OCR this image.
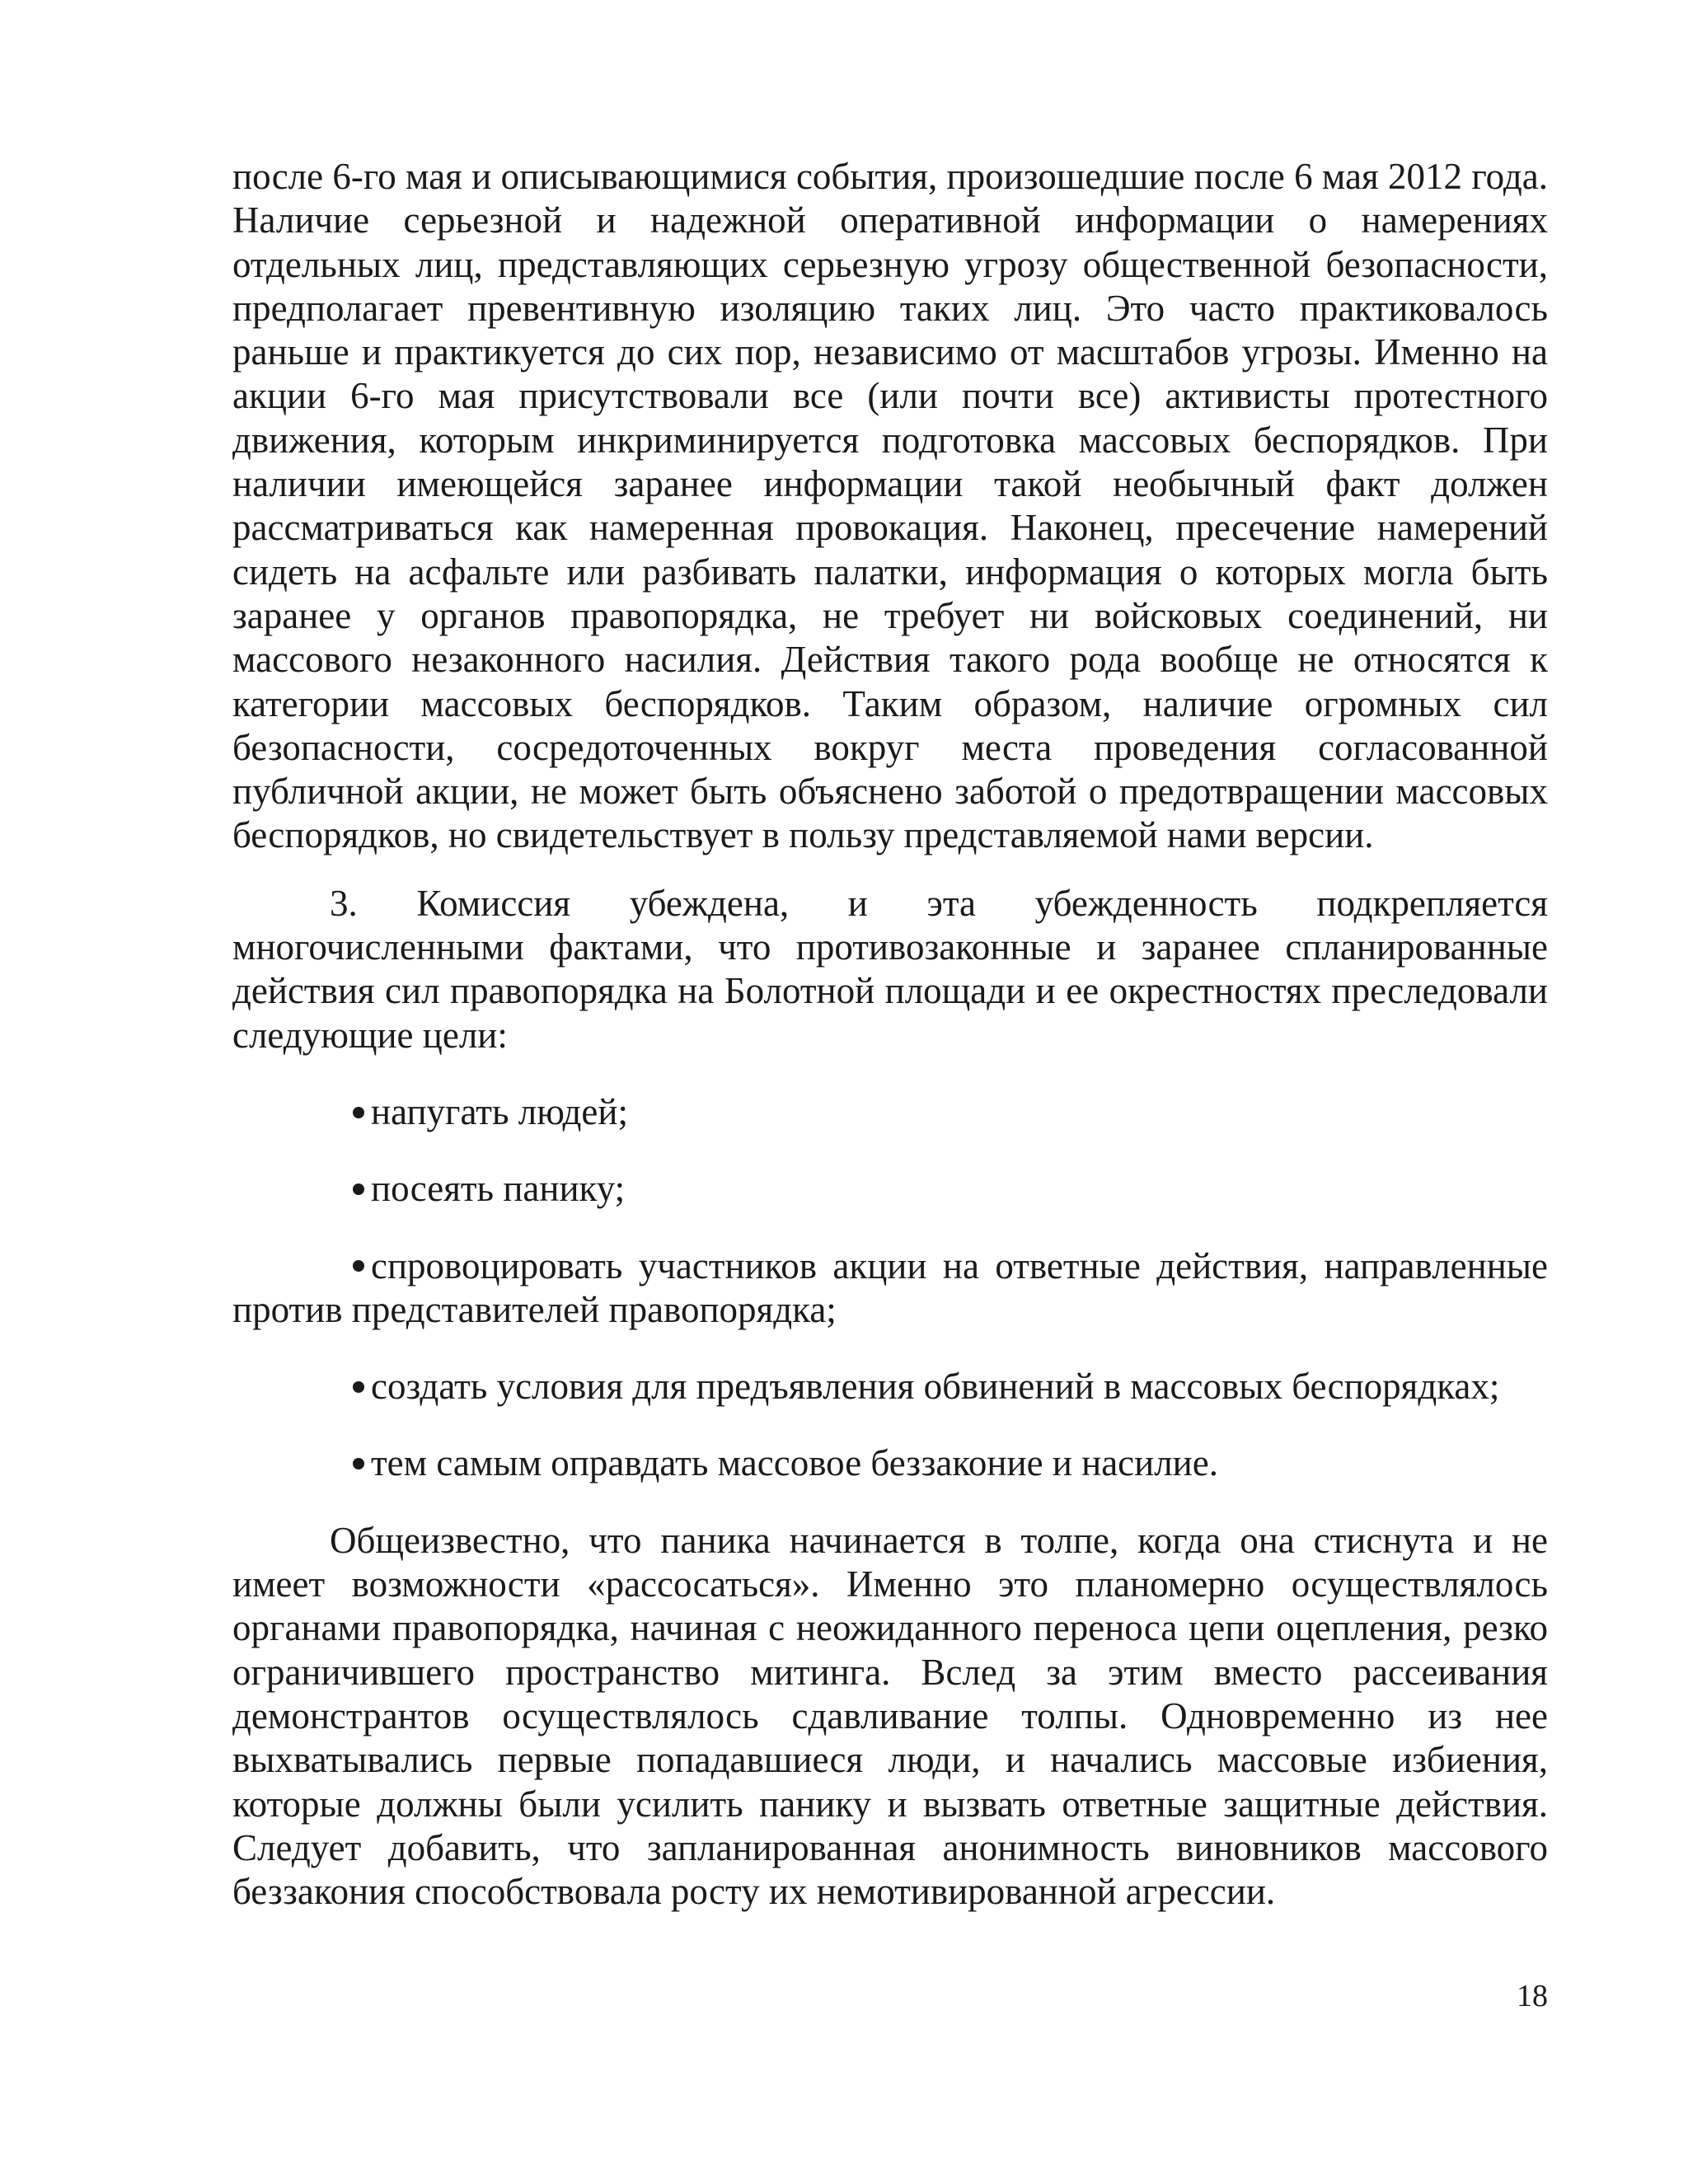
после 6-го мая и описывающимися события, произошедшие после 6 мая 2012 года. Наличие серьезной и надежной оперативной информации о намерениях отдельных лиц, представляющих серьезную угрозу общественной безопасности, предполагает превентивную изоляцию таких лиц. Это часто практиковалось раньше и практикуется до сих пор, независимо от масштабов угрозы. Именно на акции 6-го мая присутствовали все (или почти все) активисты протестного движения, которым инкриминируется подготовка массовых беспорядков. При наличии имеющейся заранее информации такой необычный факт должен рассматриваться как намеренная провокация. Наконец, пресечение намерений сидеть на асфальте или разбивать палатки, информация о которых могла быть заранее у органов правопорядка, не требует ни войсковых соединений, ни массового незаконного насилия. Действия такого рода вообще не относятся к категории массовых беспорядков. Таким образом, наличие огромных сил безопасности, сосредоточенных вокруг места проведения согласованной публичной акции, не может быть объяснено заботой о предотвращении массовых беспорядков, но свидетельствует в пользу представляемой нами версии.

3. Комиссия убеждена, и эта убежденность подкрепляется многочисленными фактами, что противозаконные и заранее спланированные действия сил правопорядка на Болотной площади и ее окрестностях преследовали следующие цели:

напугать людей;
посеять панику;
спровоцировать участников акции на ответные действия, направленные против представителей правопорядка;
создать условия для предъявления обвинений в массовых беспорядках;
тем самым оправдать массовое беззаконие и насилие.

Общеизвестно, что паника начинается в толпе, когда она стиснута и не имеет возможности «рассосаться». Именно это планомерно осуществлялось органами правопорядка, начиная с неожиданного переноса цепи оцепления, резко ограничившего пространство митинга. Вслед за этим вместо рассеивания демонстрантов осуществлялось сдавливание толпы. Одновременно из нее выхватывались первые попадавшиеся люди, и начались массовые избиения, которые должны были усилить панику и вызвать ответные защитные действия. Следует добавить, что запланированная анонимность виновников массового беззакония способствовала росту их немотивированной агрессии.

18
